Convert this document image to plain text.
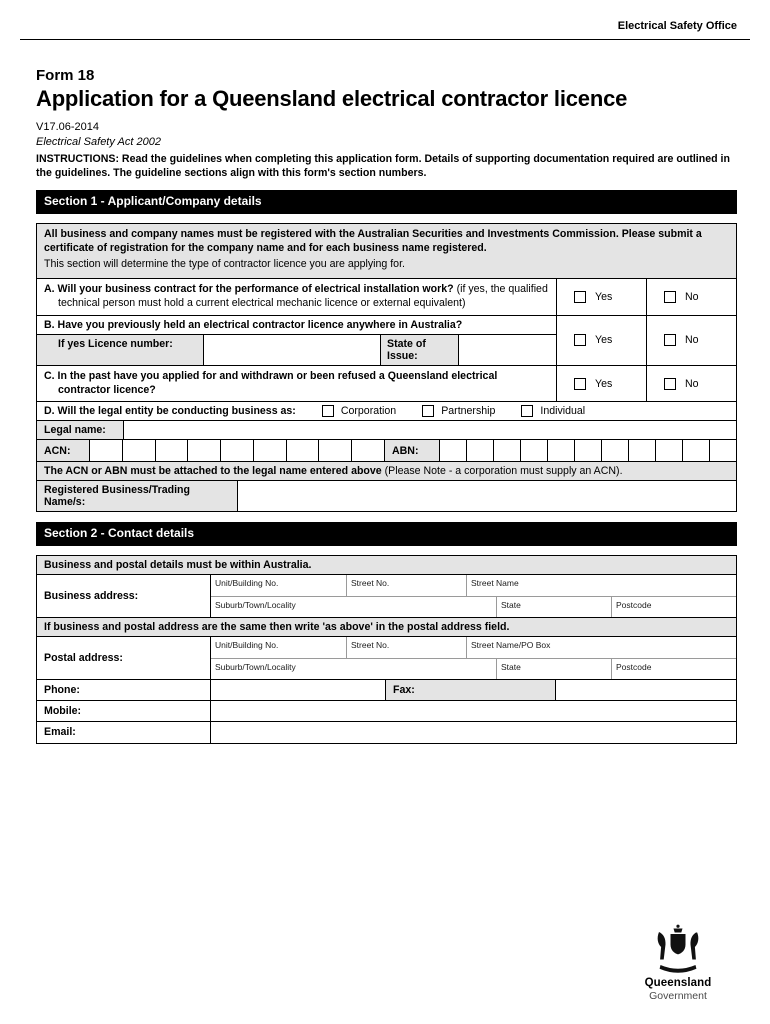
Electrical Safety Office
Form 18
Application for a Queensland electrical contractor licence
V17.06-2014
Electrical Safety Act 2002
INSTRUCTIONS: Read the guidelines when completing this application form. Details of supporting documentation required are outlined in the guidelines. The guideline sections align with this form's section numbers.
Section 1 - Applicant/Company details

All business and company names must be registered with the Australian Securities and Investments Commission. Please submit a certificate of registration for the company name and for each business name registered.

This section will determine the type of contractor licence you are applying for.

A. Will your business contract for the performance of electrical installation work? (if yes, the qualified technical person must hold a current electrical mechanic licence or external equivalent)	Yes	No
B. Have you previously held an electrical contractor licence anywhere in Australia?
If yes Licence number:	State of Issue:
Yes	No
C. In the past have you applied for and withdrawn or been refused a Queensland electrical contractor licence?	Yes	No
D. Will the legal entity be conducting business as:	Corporation	Partnership	Individual
Legal name:
ACN:	ABN:
The ACN or ABN must be attached to the legal name entered above (Please Note - a corporation must supply an ACN).
Registered Business/Trading Name/s:
Section 2 - Contact details
Business and postal details must be within Australia.
Business address:
Unit/Building No.	Street No.	Street Name
Suburb/Town/Locality	State	Postcode
If business and postal address are the same then write 'as above' in the postal address field.
Postal address:
Unit/Building No.	Street No.	Street Name/PO Box
Suburb/Town/Locality	State	Postcode
Phone:	Fax:
Mobile:
Email:
Queensland
Government
